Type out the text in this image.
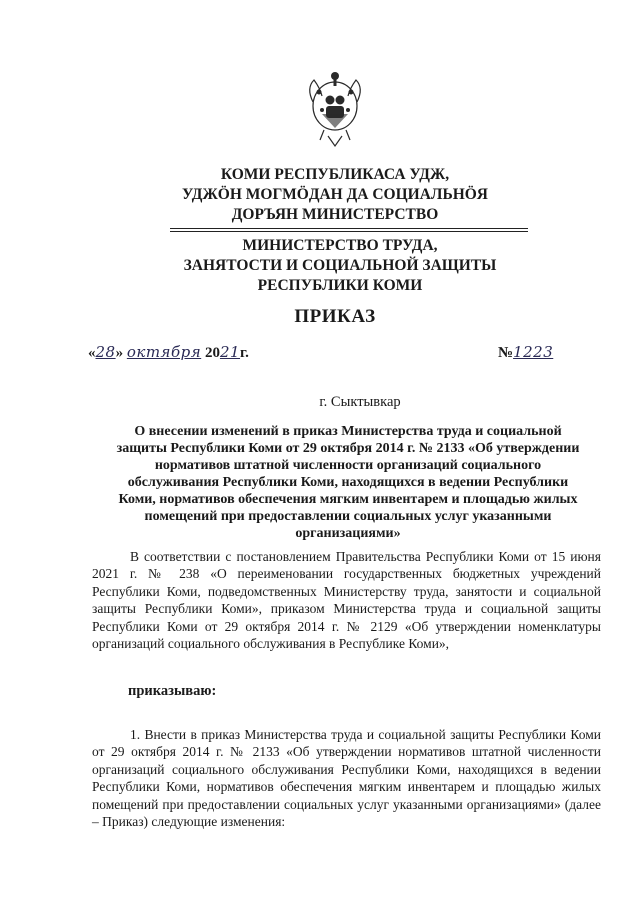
КОМИ РЕСПУБЛИКАСА УДЖ,
УДЖӦН МОГМӦДАН ДА СОЦИАЛЬНӦЯ
ДОРЪЯН МИНИСТЕРСТВО
МИНИСТЕРСТВО ТРУДА,
ЗАНЯТОСТИ И СОЦИАЛЬНОЙ ЗАЩИТЫ
РЕСПУБЛИКИ КОМИ
ПРИКАЗ
«28» октября 2021г.	№1223
г. Сыктывкар
О внесении изменений в приказ Министерства труда и социальной
защиты Республики Коми от 29 октября 2014 г. № 2133 «Об утверждении
нормативов штатной численности организаций социального
обслуживания Республики Коми, находящихся в ведении Республики
Коми, нормативов обеспечения мягким инвентарем и площадью жилых
помещений при предоставлении социальных услуг указанными
организациями»

В соответствии с постановлением Правительства Республики Коми от 15 июня 2021 г. № 238 «О переименовании государственных бюджетных учреждений Республики Коми, подведомственных Министерству труда, занятости и социальной защиты Республики Коми», приказом Министерства труда и социальной защиты Республики Коми от 29 октября 2014 г. № 2129 «Об утверждении номенклатуры организаций социального обслуживания в Республике Коми»,

приказываю:

1. Внести в приказ Министерства труда и социальной защиты Республики Коми от 29 октября 2014 г. № 2133 «Об утверждении нормативов штатной численности организаций социального обслуживания Республики Коми, находящихся в ведении Республики Коми, нормативов обеспечения мягким инвентарем и площадью жилых помещений при предоставлении социальных услуг указанными организациями» (далее – Приказ) следующие изменения:
